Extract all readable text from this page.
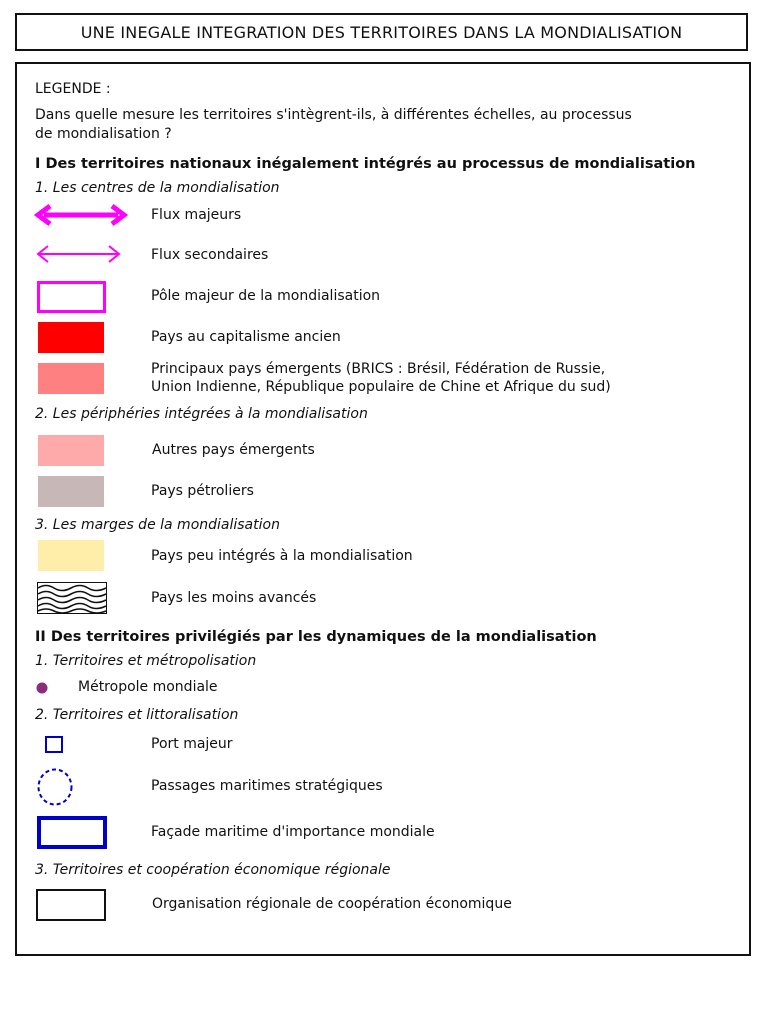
UNE INEGALE INTEGRATION DES TERRITOIRES DANS LA MONDIALISATION
LEGENDE :
Dans quelle mesure les territoires s'intègrent-ils, à différentes échelles, au processus
de mondialisation ?
I Des territoires nationaux inégalement intégrés au processus de mondialisation
1. Les centres de la mondialisation
Flux majeurs
Flux secondaires
Pôle majeur de la mondialisation
Pays au capitalisme ancien
Principaux pays émergents (BRICS : Brésil, Fédération de Russie,
Union Indienne, République populaire de Chine et Afrique du sud)
2. Les périphéries intégrées à la mondialisation
Autres pays émergents
Pays pétroliers
3. Les marges de la mondialisation
Pays peu intégrés à la mondialisation
Pays les moins avancés
II Des territoires privilégiés par les dynamiques de la mondialisation
1. Territoires et métropolisation
Métropole mondiale
2. Territoires et littoralisation
Port majeur
Passages maritimes stratégiques
Façade maritime d'importance mondiale
3. Territoires et coopération économique régionale
Organisation régionale de coopération économique
